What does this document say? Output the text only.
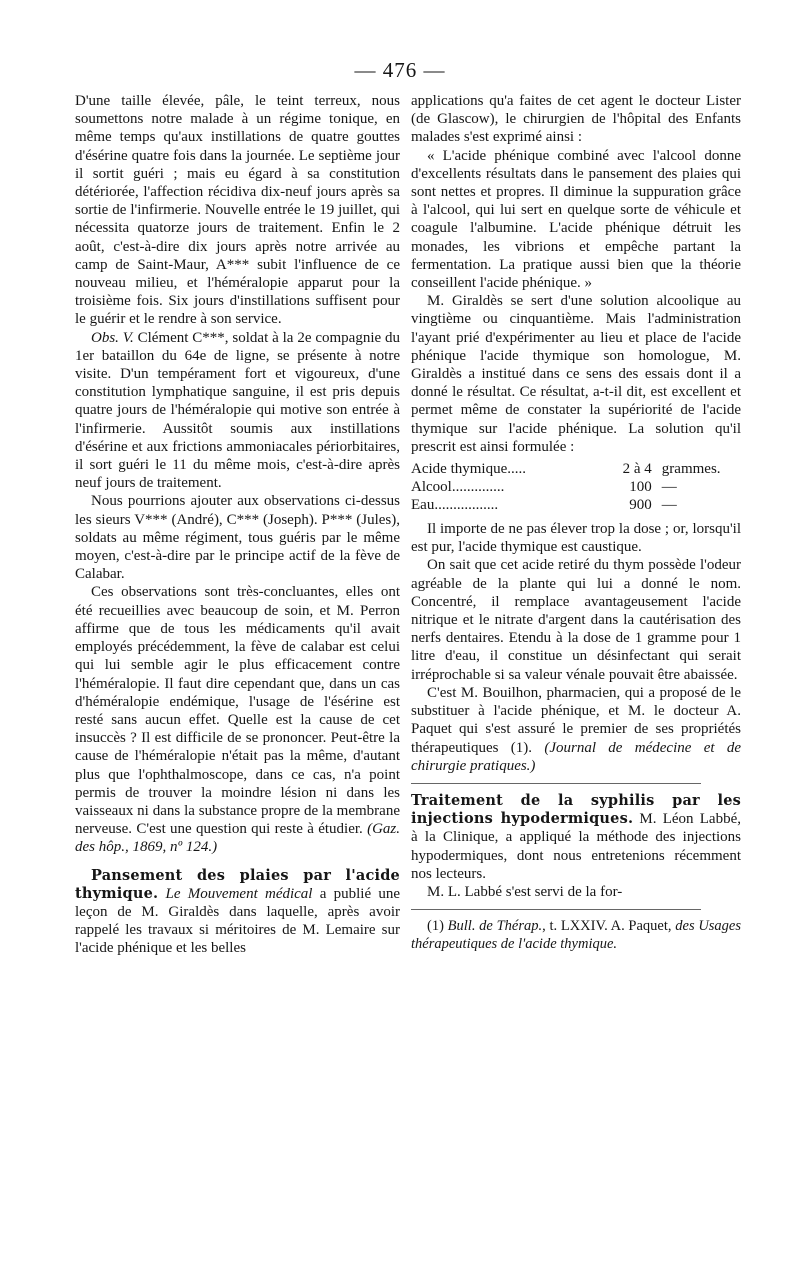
— 476 —

D'une taille élevée, pâle, le teint terreux, nous soumettons notre malade à un régime tonique, en même temps qu'aux instillations de quatre gouttes d'ésérine quatre fois dans la journée. Le septième jour il sortit guéri ; mais eu égard à sa constitution détériorée, l'affection récidiva dix-neuf jours après sa sortie de l'infirmerie. Nouvelle entrée le 19 juillet, qui nécessita quatorze jours de traitement. Enfin le 2 août, c'est-à-dire dix jours après notre arrivée au camp de Saint-Maur, A*** subit l'influence de ce nouveau milieu, et l'héméralopie apparut pour la troisième fois. Six jours d'instillations suffisent pour le guérir et le rendre à son service.

Obs. V. Clément C***, soldat à la 2e compagnie du 1er bataillon du 64e de ligne, se présente à notre visite. D'un tempérament fort et vigoureux, d'une constitution lymphatique sanguine, il est pris depuis quatre jours de l'héméralopie qui motive son entrée à l'infirmerie. Aussitôt soumis aux instillations d'ésérine et aux frictions ammoniacales périorbitaires, il sort guéri le 11 du même mois, c'est-à-dire après neuf jours de traitement.

Nous pourrions ajouter aux observations ci-dessus les sieurs V*** (André), C*** (Joseph). P*** (Jules), soldats au même régiment, tous guéris par le même moyen, c'est-à-dire par le principe actif de la fève de Calabar.

Ces observations sont très-concluantes, elles ont été recueillies avec beaucoup de soin, et M. Perron affirme que de tous les médicaments qu'il avait employés précédemment, la fève de calabar est celui qui lui semble agir le plus efficacement contre l'héméralopie. Il faut dire cependant que, dans un cas d'héméralopie endémique, l'usage de l'ésérine est resté sans aucun effet. Quelle est la cause de cet insuccès ? Il est difficile de se prononcer. Peut-être la cause de l'héméralopie n'était pas la même, d'autant plus que l'ophthalmoscope, dans ce cas, n'a point permis de trouver la moindre lésion ni dans les vaisseaux ni dans la substance propre de la membrane nerveuse. C'est une question qui reste à étudier. (Gaz. des hôp., 1869, nº 124.)

Pansement des plaies par l'acide thymique. Le Mouvement médical a publié une leçon de M. Giraldès dans laquelle, après avoir rappelé les travaux si méritoires de M. Lemaire sur l'acide phénique et les belles

applications qu'a faites de cet agent le docteur Lister (de Glascow), le chirurgien de l'hôpital des Enfants malades s'est exprimé ainsi :

« L'acide phénique combiné avec l'alcool donne d'excellents résultats dans le pansement des plaies qui sont nettes et propres. Il diminue la suppuration grâce à l'alcool, qui lui sert en quelque sorte de véhicule et coagule l'albumine. L'acide phénique détruit les monades, les vibrions et empêche partant la fermentation. La pratique aussi bien que la théorie conseillent l'acide phénique. »

M. Giraldès se sert d'une solution alcoolique au vingtième ou cinquantième. Mais l'administration l'ayant prié d'expérimenter au lieu et place de l'acide phénique l'acide thymique son homologue, M. Giraldès a institué dans ce sens des essais dont il a donné le résultat. Ce résultat, a-t-il dit, est excellent et permet même de constater la supériorité de l'acide thymique sur l'acide phénique. La solution qu'il prescrit est ainsi formulée :

Acide thymique.....	2 à 4	grammes.
Alcool..............	100	—
Eau.................	900	—

Il importe de ne pas élever trop la dose ; or, lorsqu'il est pur, l'acide thymique est caustique.

On sait que cet acide retiré du thym possède l'odeur agréable de la plante qui lui a donné le nom. Concentré, il remplace avantageusement l'acide nitrique et le nitrate d'argent dans la cautérisation des nerfs dentaires. Etendu à la dose de 1 gramme pour 1 litre d'eau, il constitue un désinfectant qui serait irréprochable si sa valeur vénale pouvait être abaissée.

C'est M. Bouilhon, pharmacien, qui a proposé de le substituer à l'acide phénique, et M. le docteur A. Paquet qui s'est assuré le premier de ses propriétés thérapeutiques (1). (Journal de médecine et de chirurgie pratiques.)

Traitement de la syphilis par les injections hypodermiques. M. Léon Labbé, à la Clinique, a appliqué la méthode des injections hypodermiques, dont nous entretenions récemment nos lecteurs.

M. L. Labbé s'est servi de la for-

(1) Bull. de Thérap., t. LXXIV. A. Paquet, des Usages thérapeutiques de l'acide thymique.
